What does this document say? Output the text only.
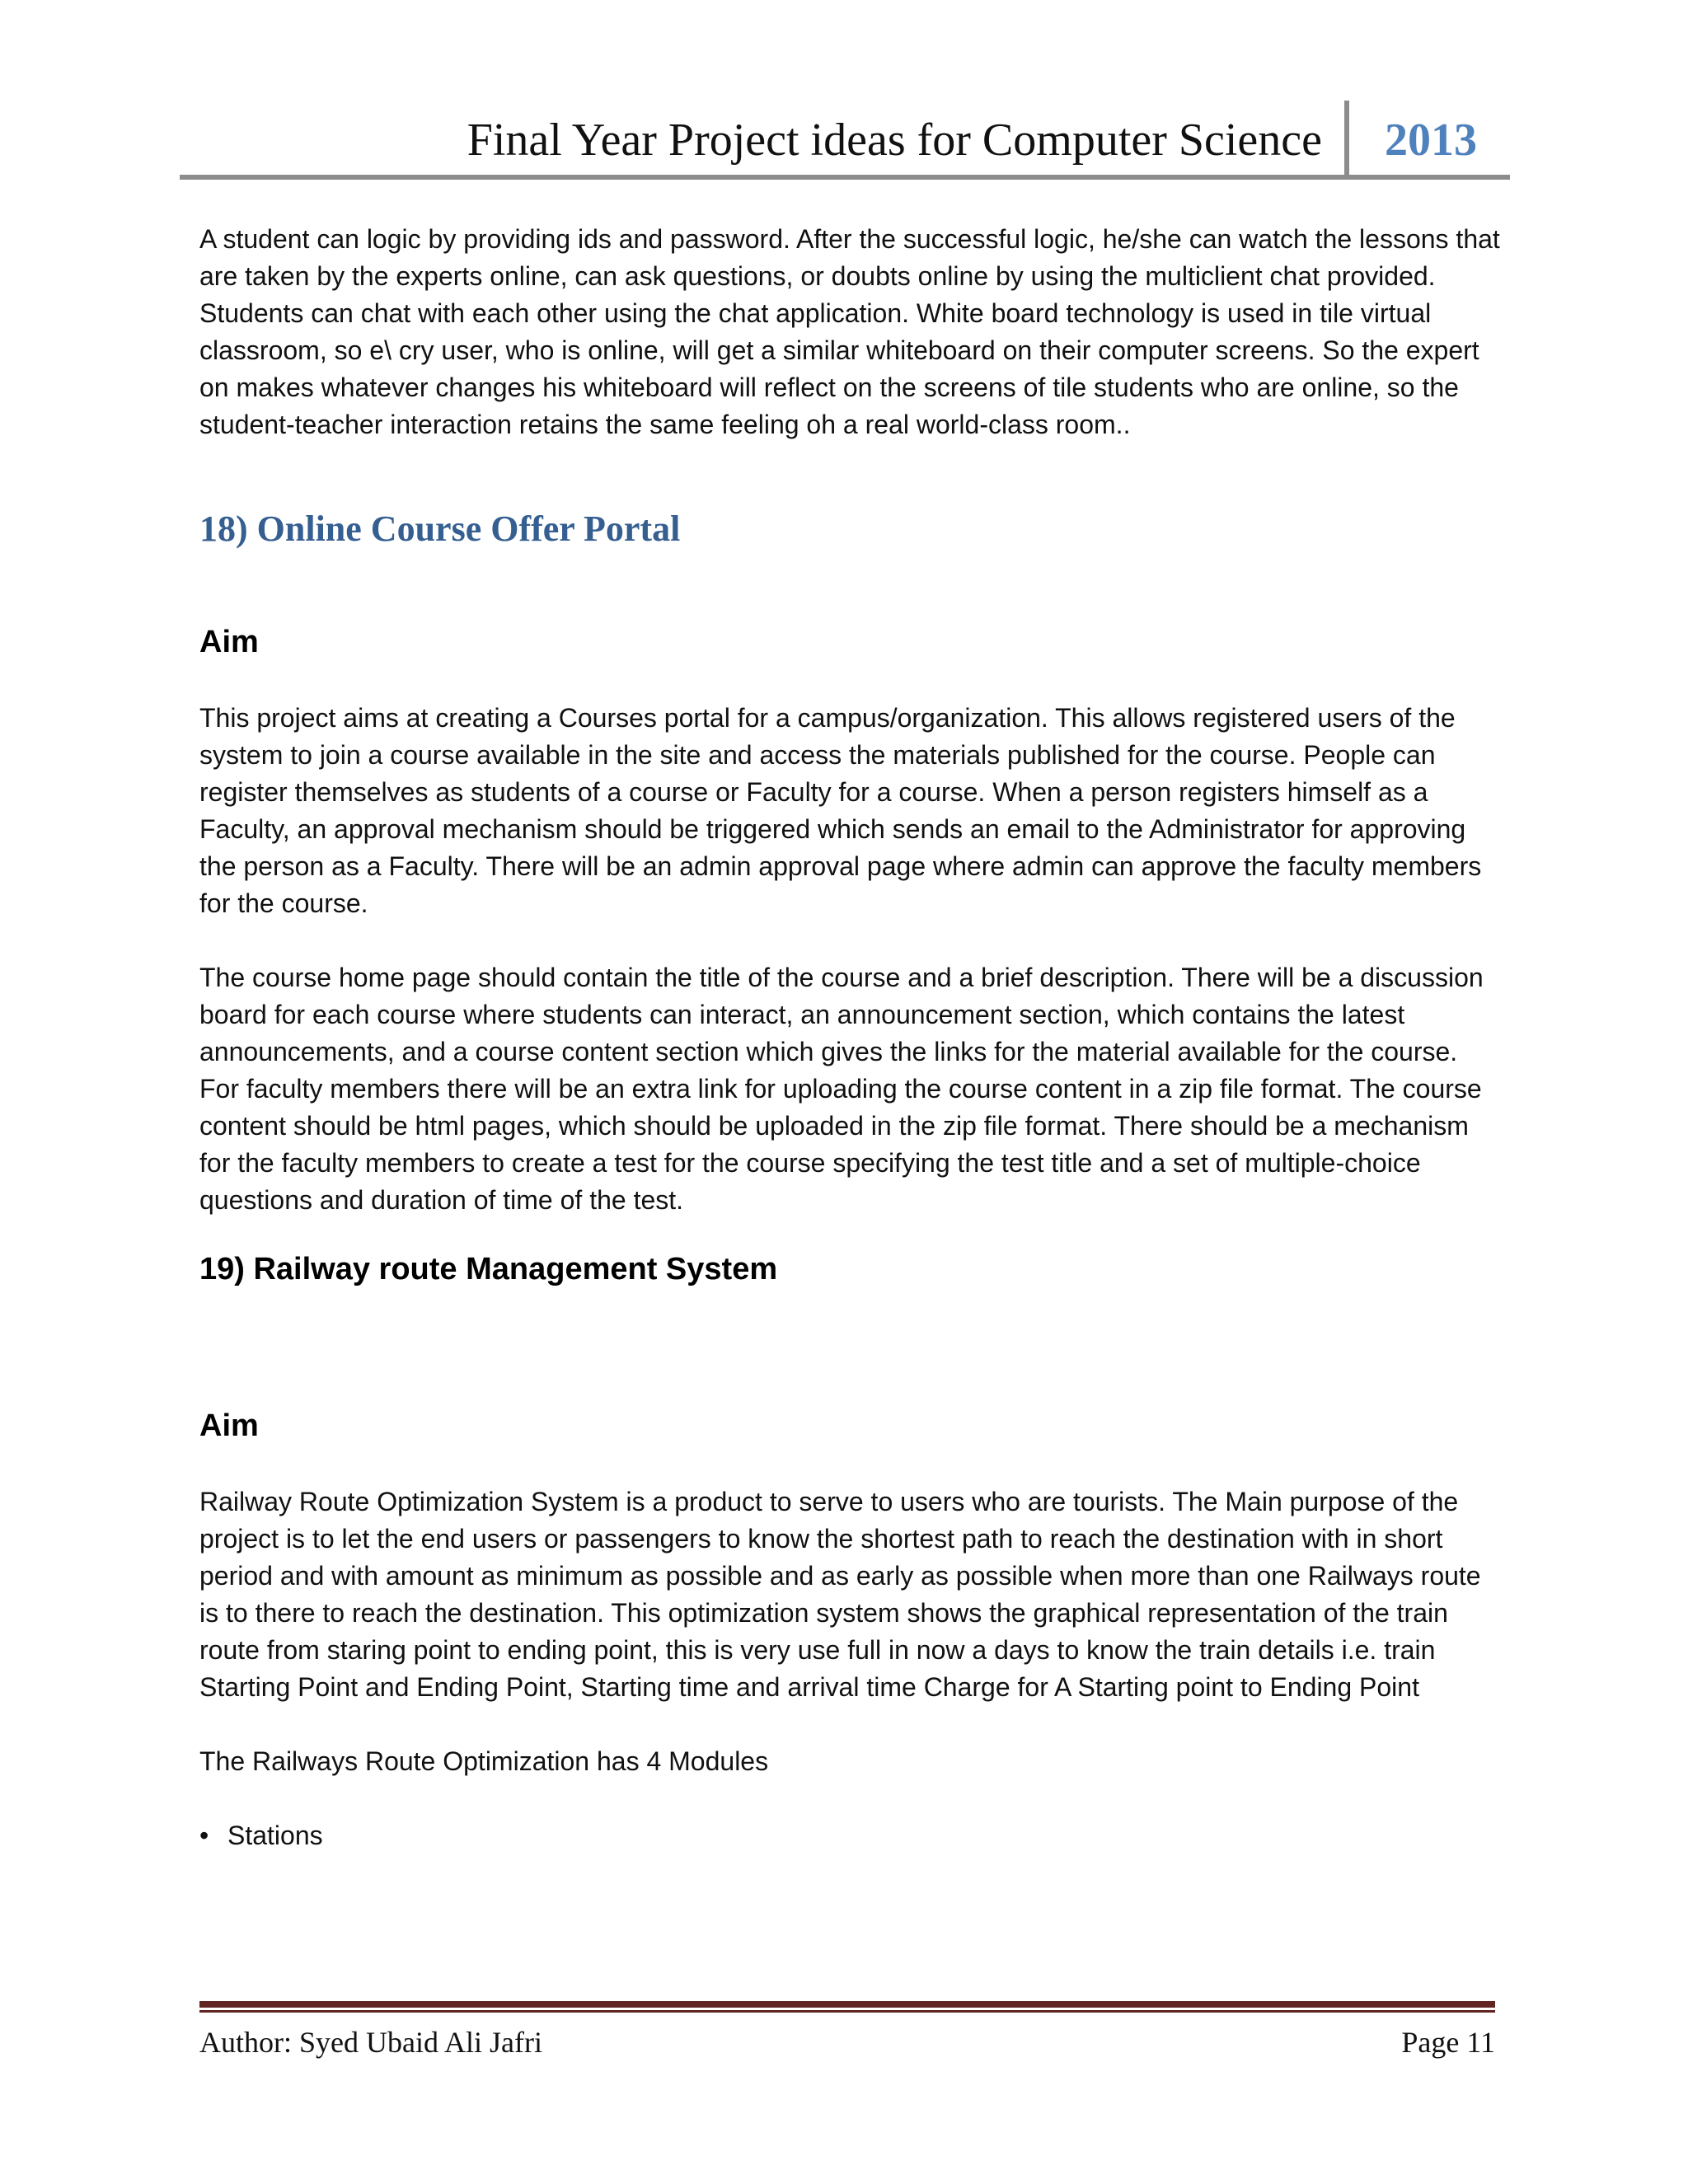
Final Year Project ideas for Computer Science 2013

A student can logic by providing ids and password. After the successful logic, he/she can watch the lessons that are taken by the experts online, can ask questions, or doubts online by using the multiclient chat provided. Students can chat with each other using the chat application. White board technology is used in tile virtual classroom, so e\ cry user, who is online, will get a similar whiteboard on their computer screens. So the expert on makes whatever changes his whiteboard will reflect on the screens of tile students who are online, so the student-teacher interaction retains the same feeling oh a real world-class room..

18) Online Course Offer Portal
Aim

This project aims at creating a Courses portal for a campus/organization. This allows registered users of the system to join a course available in the site and access the materials published for the course. People can register themselves as students of a course or Faculty for a course. When a person registers himself as a Faculty, an approval mechanism should be triggered which sends an email to the Administrator for approving the person as a Faculty. There will be an admin approval page where admin can approve the faculty members for the course.

The course home page should contain the title of the course and a brief description. There will be a discussion board for each course where students can interact, an announcement section, which contains the latest announcements, and a course content section which gives the links for the material available for the course. For faculty members there will be an extra link for uploading the course content in a zip file format. The course content should be html pages, which should be uploaded in the zip file format. There should be a mechanism for the faculty members to create a test for the course specifying the test title and a set of multiple-choice questions and duration of time of the test.

19) Railway route Management System
Aim

Railway Route Optimization System is a product to serve to users who are tourists. The Main purpose of the project is to let the end users or passengers to know the shortest path to reach the destination with in short period and with amount as minimum as possible and as early as possible when more than one Railways route is to there to reach the destination. This optimization system shows the graphical representation of the train route from staring point to ending point, this is very use full in now a days to know the train details i.e. train Starting Point and Ending Point, Starting time and arrival time Charge for A Starting point to Ending Point

The Railways Route Optimization has 4 Modules

• Stations
Author: Syed Ubaid Ali Jafri	Page 11
